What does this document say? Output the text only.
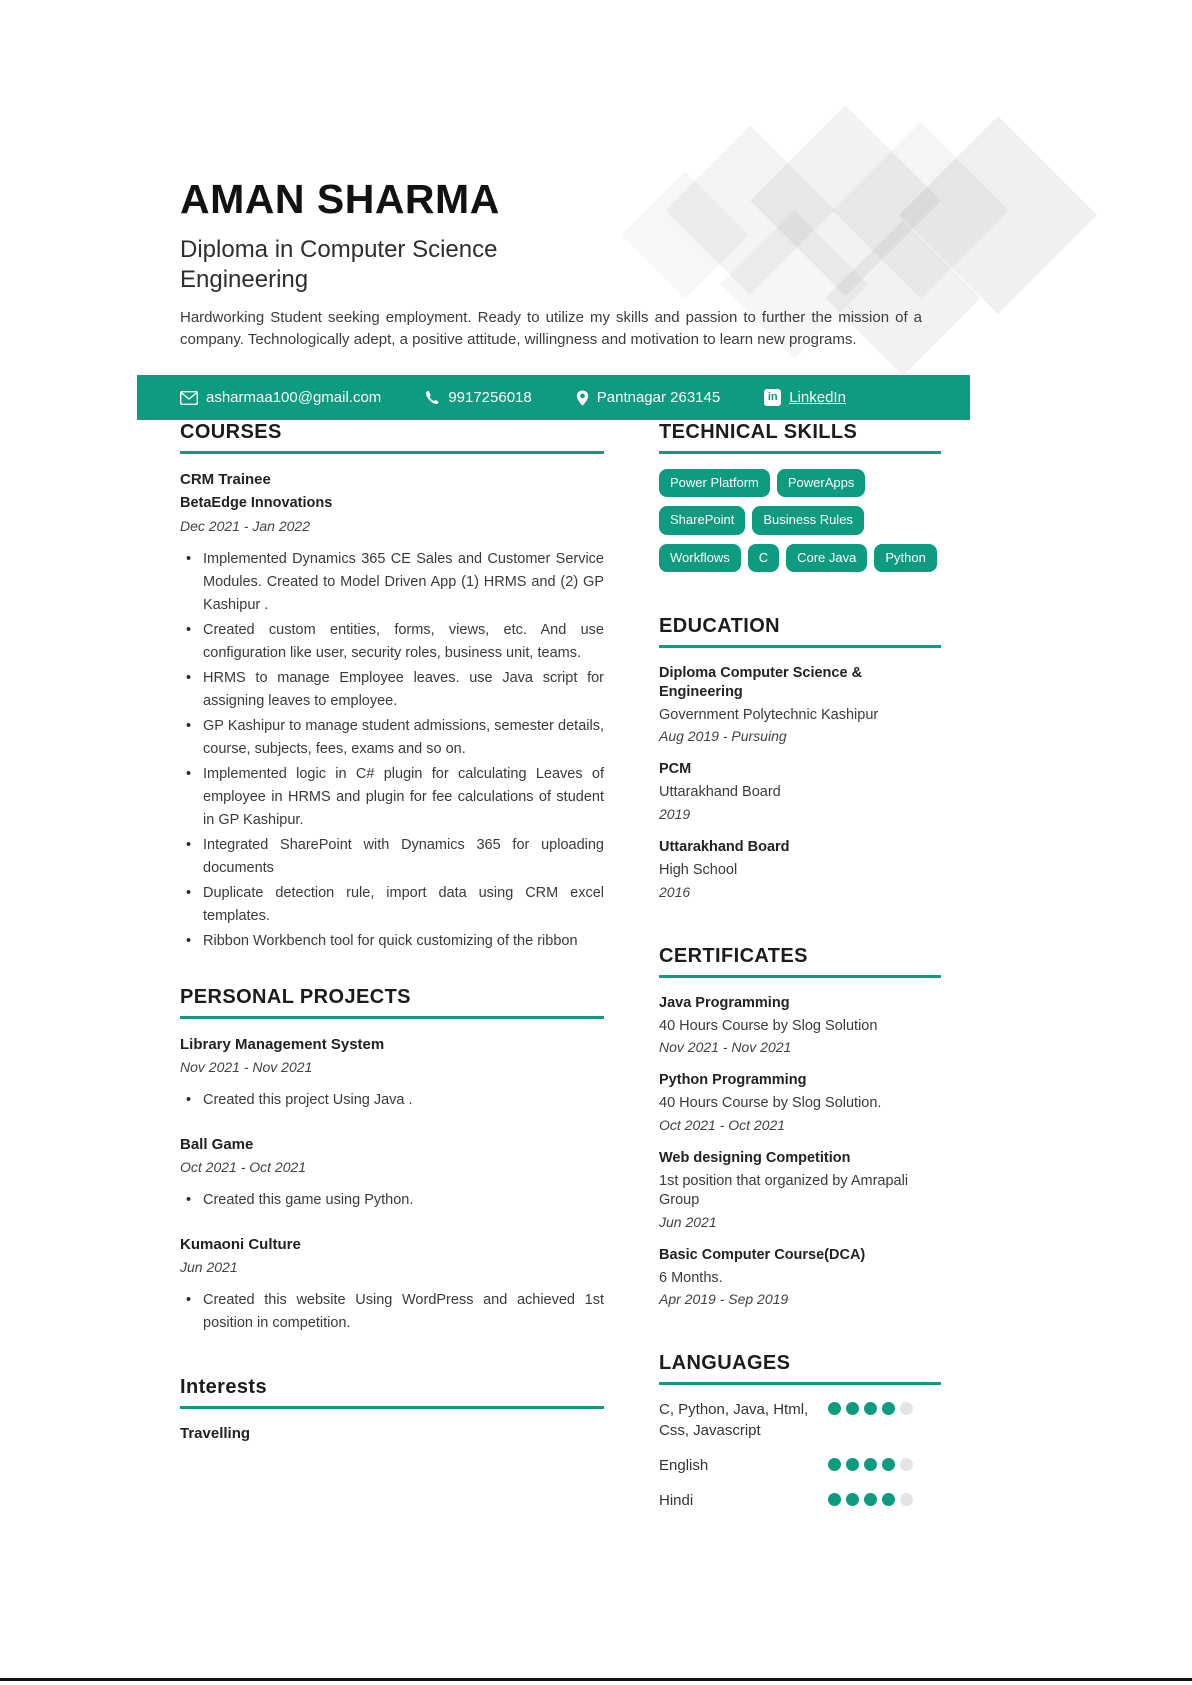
AMAN SHARMA
Diploma in Computer Science Engineering
Hardworking Student seeking employment. Ready to utilize my skills and passion to further the mission of a company. Technologically adept, a positive attitude, willingness and motivation to learn new programs.
asharmaa100@gmail.com	9917256018	Pantnagar 263145	in LinkedIn
COURSES
CRM Trainee
BetaEdge Innovations
Dec 2021 - Jan 2022
• Implemented Dynamics 365 CE Sales and Customer Service Modules. Created to Model Driven App (1) HRMS and (2) GP Kashipur .
• Created custom entities, forms, views, etc. And use configuration like user, security roles, business unit, teams.
• HRMS to manage Employee leaves. use Java script for assigning leaves to employee.
• GP Kashipur to manage student admissions, semester details, course, subjects, fees, exams and so on.
• Implemented logic in C# plugin for calculating Leaves of employee in HRMS and plugin for fee calculations of student in GP Kashipur.
• Integrated SharePoint with Dynamics 365 for uploading documents
• Duplicate detection rule, import data using CRM excel templates.
• Ribbon Workbench tool for quick customizing of the ribbon
PERSONAL PROJECTS
Library Management System
Nov 2021 - Nov 2021
• Created this project Using Java .
Ball Game
Oct 2021 - Oct 2021
• Created this game using Python.
Kumaoni Culture
Jun 2021
• Created this website Using WordPress and achieved 1st position in competition.
Interests
Travelling
TECHNICAL SKILLS
Power Platform	PowerApps
SharePoint	Business Rules
Workflows	C	Core Java	Python
EDUCATION
Diploma Computer Science & Engineering
Government Polytechnic Kashipur
Aug 2019 - Pursuing
PCM
Uttarakhand Board
2019
Uttarakhand Board
High School
2016
CERTIFICATES
Java Programming
40 Hours Course by Slog Solution
Nov 2021 - Nov 2021
Python Programming
40 Hours Course by Slog Solution.
Oct 2021 - Oct 2021
Web designing Competition
1st position that organized by Amrapali Group
Jun 2021
Basic Computer Course(DCA)
6 Months.
Apr 2019 - Sep 2019
LANGUAGES
C, Python, Java, Html, Css, Javascript
English
Hindi
